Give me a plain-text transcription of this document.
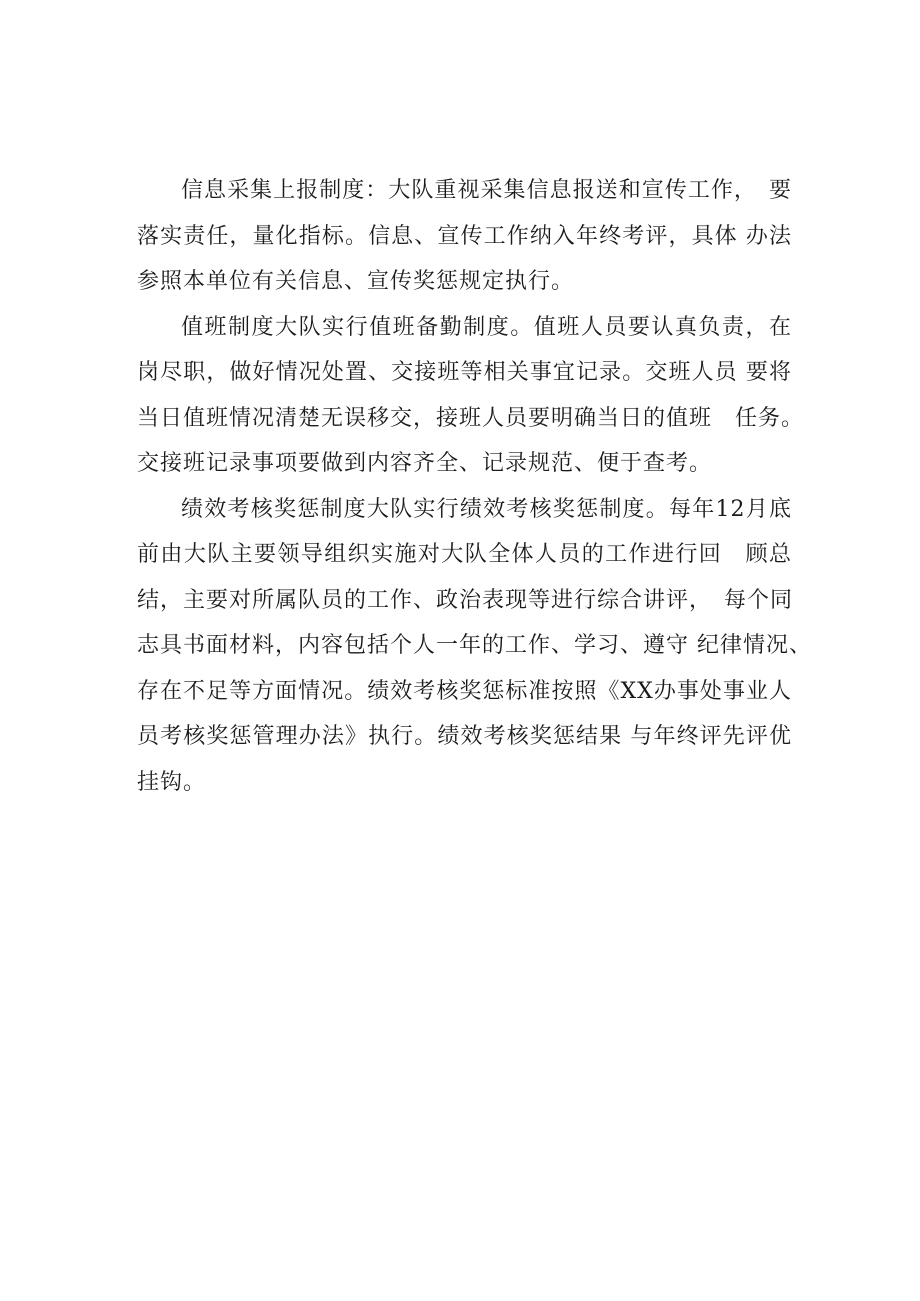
信息采集上报制度：大队重视采集信息报送和宣传工作，　要
落实责任，量化指标。信息、宣传工作纳入年终考评，具体 办法
参照本单位有关信息、宣传奖惩规定执行。
值班制度大队实行值班备勤制度。值班人员要认真负责，在
岗尽职，做好情况处置、交接班等相关事宜记录。交班人员 要将
当日值班情况清楚无误移交，接班人员要明确当日的值班　任务。
交接班记录事项要做到内容齐全、记录规范、便于查考。
绩效考核奖惩制度大队实行绩效考核奖惩制度。每年12月底
前由大队主要领导组织实施对大队全体人员的工作进行回　顾总
结，主要对所属队员的工作、政治表现等进行综合讲评，　每个同
志具书面材料，内容包括个人一年的工作、学习、遵守 纪律情况、
存在不足等方面情况。绩效考核奖惩标准按照《XX办事处事业人
员考核奖惩管理办法》执行。绩效考核奖惩结果 与年终评先评优
挂钩。
